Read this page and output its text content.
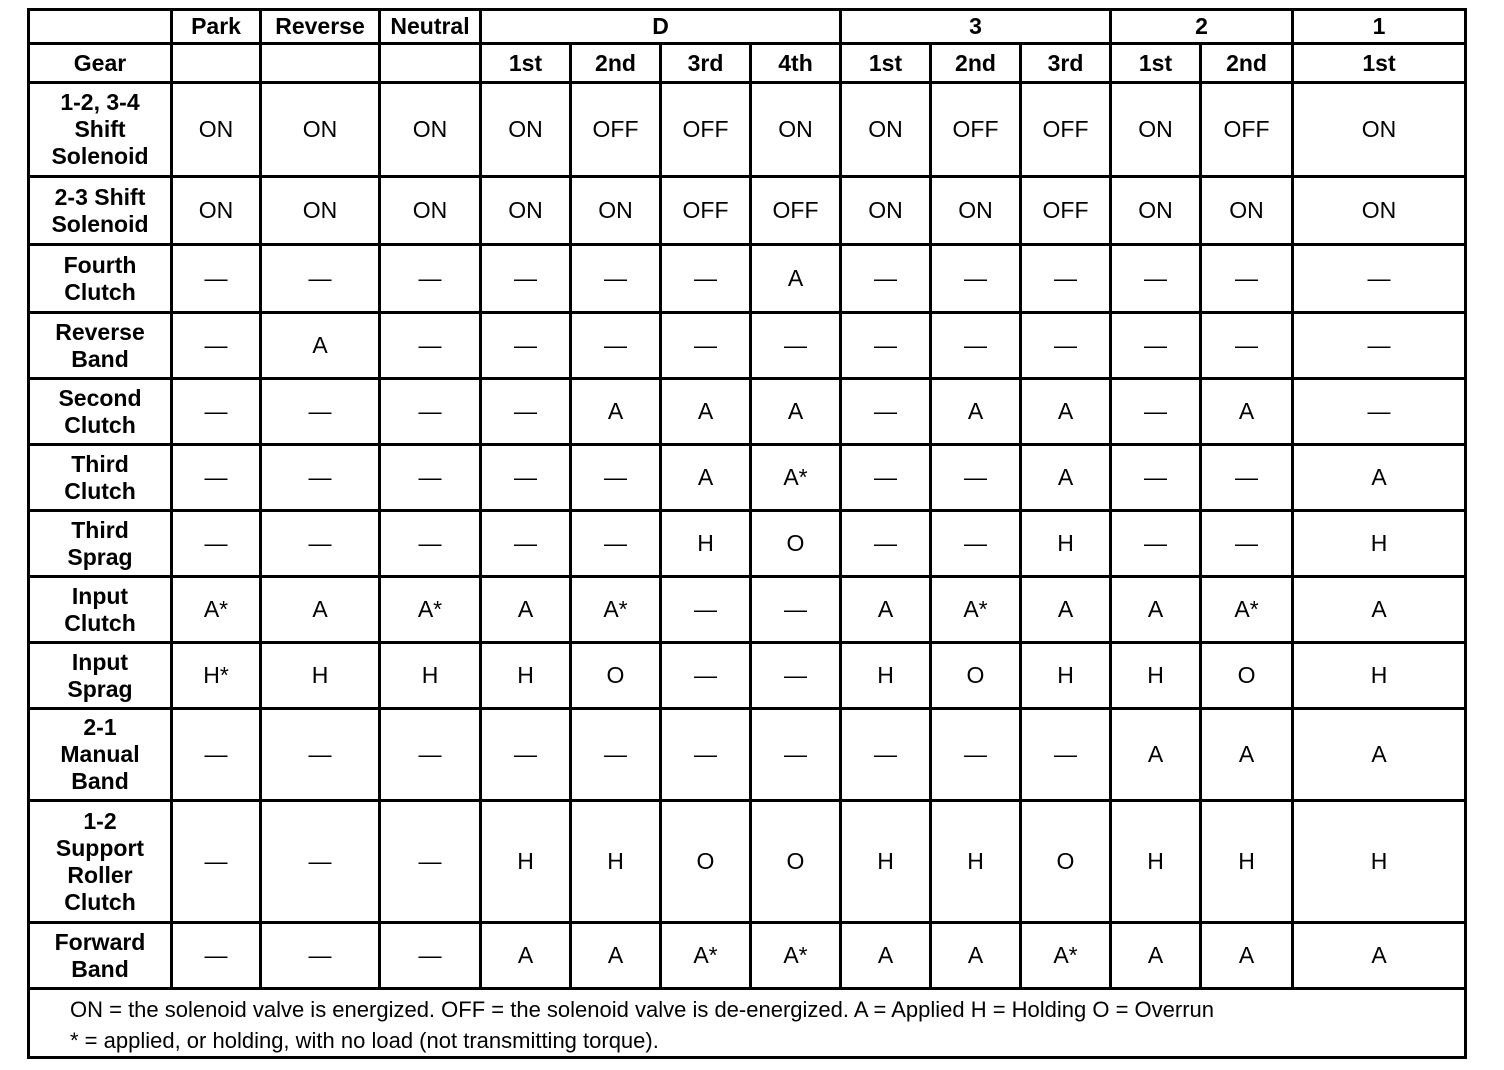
	Park	Reverse	Neutral	D				3			2		1
Gear				1st	2nd	3rd	4th	1st	2nd	3rd	1st	2nd	1st
1-2, 3-4
Shift
Solenoid	ON	ON	ON	ON	OFF	OFF	ON	ON	OFF	OFF	ON	OFF	ON
2-3 Shift
Solenoid	ON	ON	ON	ON	ON	OFF	OFF	ON	ON	OFF	ON	ON	ON
Fourth
Clutch	—	—	—	—	—	—	A	—	—	—	—	—	—
Reverse
Band	—	A	—	—	—	—	—	—	—	—	—	—	—
Second
Clutch	—	—	—	—	A	A	A	—	A	A	—	A	—
Third
Clutch	—	—	—	—	—	A	A*	—	—	A	—	—	A
Third
Sprag	—	—	—	—	—	H	O	—	—	H	—	—	H
Input
Clutch	A*	A	A*	A	A*	—	—	A	A*	A	A	A*	A
Input
Sprag	H*	H	H	H	O	—	—	H	O	H	H	O	H
2-1
Manual
Band	—	—	—	—	—	—	—	—	—	—	A	A	A
1-2
Support
Roller
Clutch	—	—	—	H	H	O	O	H	H	O	H	H	H
Forward
Band	—	—	—	A	A	A*	A*	A	A	A*	A	A	A

ON = the solenoid valve is energized. OFF = the solenoid valve is de-energized. A = Applied H = Holding O = Overrun
* = applied, or holding, with no load (not transmitting torque).													
